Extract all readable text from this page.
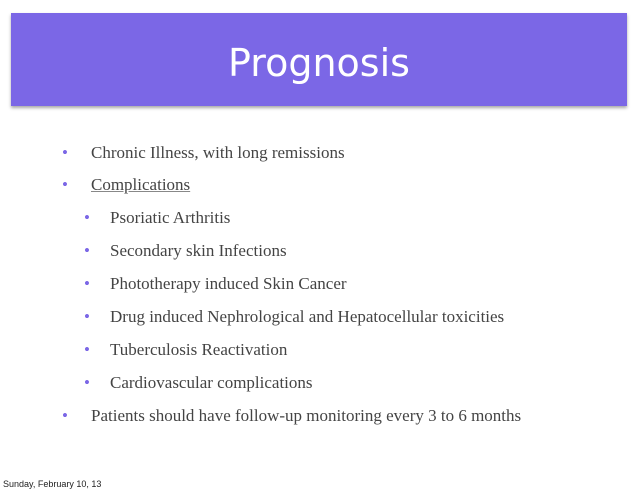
Prognosis
• Chronic Illness, with long remissions
• Complications
• Psoriatic Arthritis
• Secondary skin Infections
• Phototherapy induced Skin Cancer
• Drug induced Nephrological and Hepatocellular toxicities
• Tuberculosis Reactivation
• Cardiovascular complications
• Patients should have follow-up monitoring every 3 to 6 months
Sunday, February 10, 13
